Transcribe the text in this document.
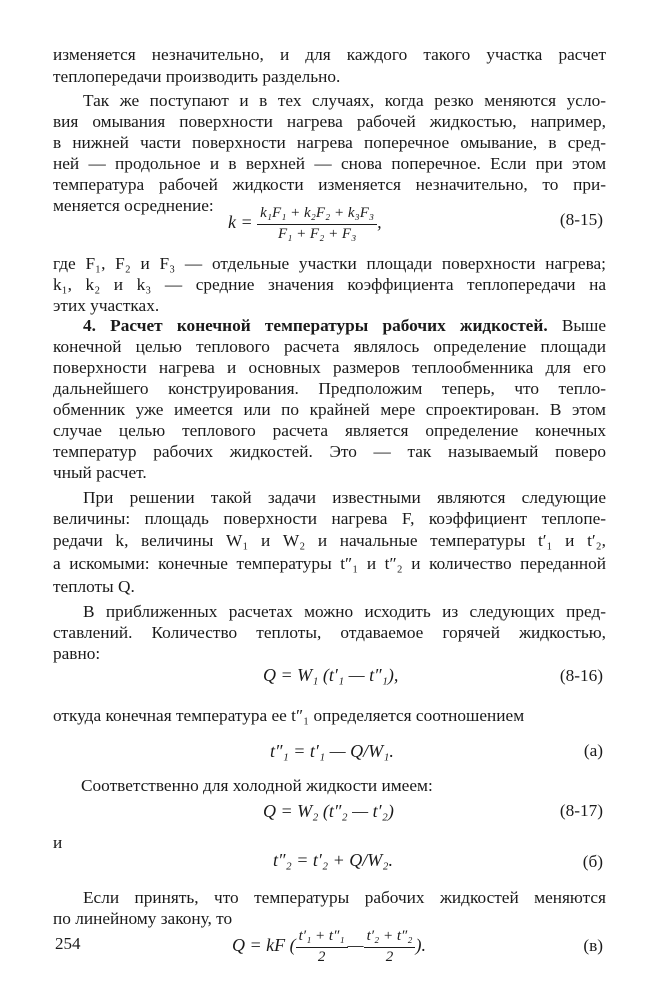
изменяется незначительно, и для каждого такого участка расчет
теплопередачи производить раздельно.
Так же поступают и в тех случаях, когда резко меняются усло-
вия омывания поверхности нагрева рабочей жидкостью, например,
в нижней части поверхности нагрева поперечное омывание, в сред-
ней — продольное и в верхней — снова поперечное. Если при этом
температура рабочей жидкости изменяется незначительно, то при-
меняется осреднение:
$k = \frac{\text{k₁F₁ + k₂F₂ + k₃F₃}}{\text{F₁ + F₂ + F₃}}$ ,	(8-15)
где F₁, F₂ и F₃ — отдельные участки площади поверхности нагрева;
k₁, k₂ и k₃ — средние значения коэффициента теплопередачи на
этих участках.
4. Расчет конечной температуры рабочих жидкостей. Выше
конечной целью теплового расчета являлось определение площади
поверхности нагрева и основных размеров теплообменника для его
дальнейшего конструирования. Предположим теперь, что тепло-
обменник уже имеется или по крайней мере спроектирован. В этом
случае целью теплового расчета является определение конечных
температур рабочих жидкостей. Это — так называемый поверо
чный расчет.
При решении такой задачи известными являются следующие
величины: площадь поверхности нагрева F, коэффициент теплопе-
редачи k, величины W₁ и W₂ и начальные температуры t′₁ и t′₂,
а искомыми: конечные температуры t″₁ и t″₂ и количество переданной
теплоты Q.
В приближенных расчетах можно исходить из следующих пред-
ставлений. Количество теплоты, отдаваемое горячей жидкостью,
равно:
Q = W₁ (t′₁ — t″₁),	(8-16)
откуда конечная температура ее t″₁ определяется соотношением
t″₁ = t′₁ — Q/W₁.	(а)
Соответственно для холодной жидкости имеем:
Q = W₂ (t″₂ — t′₂)	(8-17)
и
t″₂ = t′₂ + Q/W₂.	(б)
Если принять, что температуры рабочих жидкостей меняются
по линейному закону, то
Q = kF ( $\frac{\text{t′₁ + t″₁}}{2}$ — $\frac{\text{t′₂ + t″₂}}{2}$ ).	(в)
254
